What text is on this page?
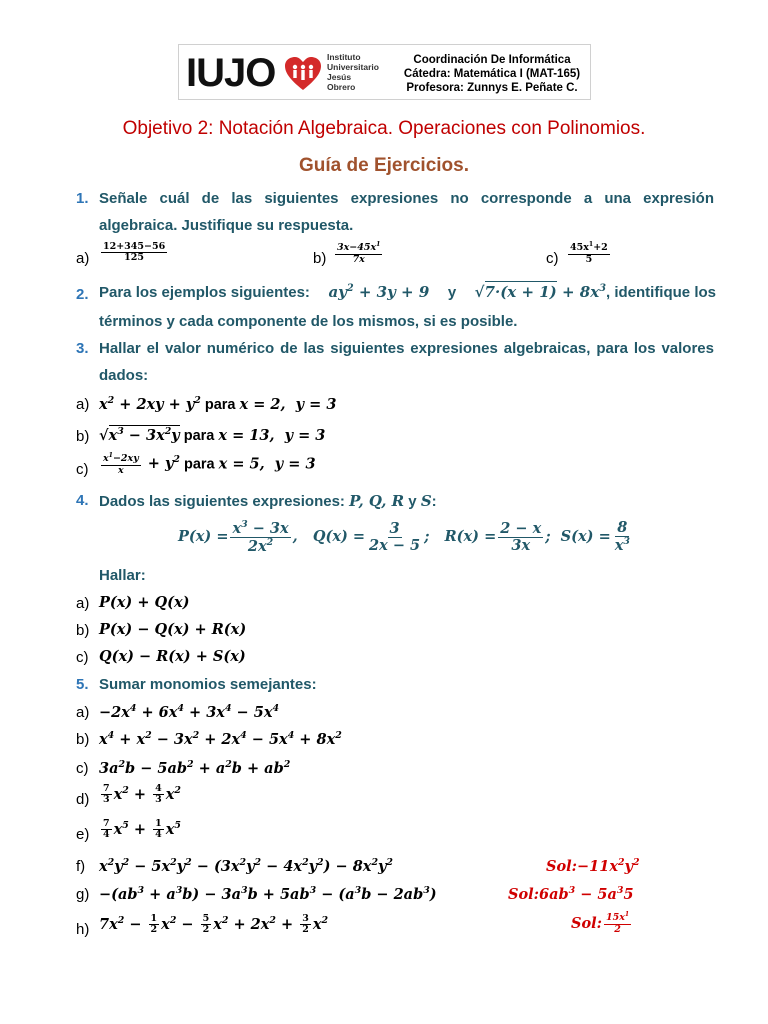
IUJO	Instituto
Universitario
Jesús
Obrero
Coordinación De Informática
Cátedra: Matemática I (MAT-165)
Profesora: Zunnys E. Peñate C.
Objetivo 2: Notación Algebraica. Operaciones con Polinomios.
Guía de Ejercicios.
1. Señale cuál de las siguientes expresiones no corresponde a una expresión
algebraica. Justifique su respuesta.
$a) \frac{12+345-56}{125}$	$b) \frac{3x-45x^1}{7x}$	$c) \frac{45x^1+2}{5}$
2. Para los ejemplos siguientes: $ay^2 + 3y + 9$ y $√7\cdot(x + 1) + 8x^3$, identifique los
términos y cada componente de los mismos, si es posible.
3. Hallar el valor numérico de las siguientes expresiones algebraicas, para los valores
dados:
a) $x^2 + 2xy + y^2$ para x = 2,  y = 3
b) $√x^3 - 3x^2y$ para x = 13,  y = 3
$c) \frac{x^1-2xy}{x} + y^2$ para x = 5,  y = 3
4. Dados las siguientes expresiones: P, Q, R y S:
$P(x) = \frac{x^3 - 3x}{2x^2}$ ,   $Q(x) = \frac{3}{2x - 5}$ ;   $R(x) = \frac{2 - x}{3x}$ ;  $S(x) = \frac{8}{x^3}$
Hallar:
a) P(x) + Q(x)
b) P(x) − Q(x) + R(x)
c) Q(x) − R(x) + S(x)
5. Sumar monomios semejantes:
$a) -2x^4 + 6x^4 + 3x^4 - 5x^4$
b) $x^4 + x^2 - 3x^2 + 2x^4 - 5x^4 + 8x^2$
c) $3a^2b - 5ab^2 + a^2b + ab^2$
$d) \frac{7}{3} x^2 + \frac{4}{3} x^2$
$e) \frac{7}{4} x^5 + \frac{1}{4} x^5$
f) $x^2y^2 - 5x^2y^2 - (3x^2y^2 - 4x^2y^2) - 8x^2y^2$	$Sol:-11x^2y^2$
$g) -(ab^3 + a^3b) - 3a^3b + 5ab^3 - (a^3b - 2ab^3)$	$Sol:6ab^3 - 5a^35$
h) $7x^2 - \frac{1}{2} x^2 - \frac{5}{2} x^2 + 2x^2 + \frac{3}{2} x^2$	Sol: $\frac{15x^1}{2}$
